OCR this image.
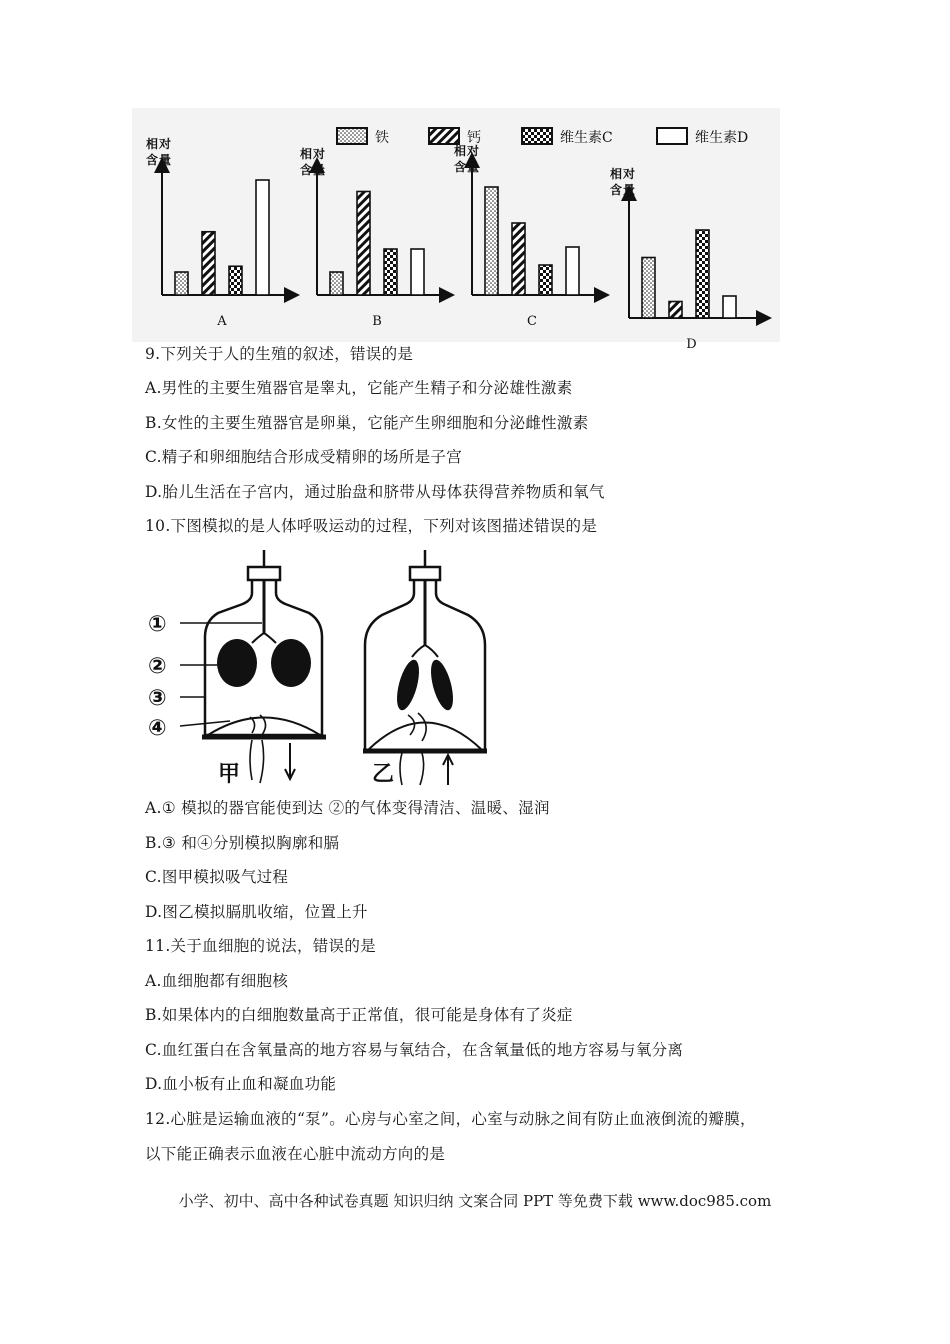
铁	钙	维生素C	维生素D
相对含量
A
相对含量
B
相对含量
C
相对含量
D
9.下列关于人的生殖的叙述，错误的是
A.男性的主要生殖器官是睾丸，它能产生精子和分泌雄性激素
B.女性的主要生殖器官是卵巢，它能产生卵细胞和分泌雌性激素
C.精子和卵细胞结合形成受精卵的场所是子宫
D.胎儿生活在子宫内，通过胎盘和脐带从母体获得营养物质和氧气
10.下图模拟的是人体呼吸运动的过程，下列对该图描述错误的是
①
②
③
④
甲	乙
A.① 模拟的器官能使到达 ②的气体变得清洁、温暖、湿润
B.③ 和④分别模拟胸廓和膈
C.图甲模拟吸气过程
D.图乙模拟膈肌收缩，位置上升
11.关于血细胞的说法，错误的是
A.血细胞都有细胞核
B.如果体内的白细胞数量高于正常值，很可能是身体有了炎症
C.血红蛋白在含氧量高的地方容易与氧结合，在含氧量低的地方容易与氧分离
D.血小板有止血和凝血功能
12.心脏是运输血液的“泵”。心房与心室之间，心室与动脉之间有防止血液倒流的瓣膜，
以下能正确表示血液在心脏中流动方向的是
小学、初中、高中各种试卷真题 知识归纳 文案合同 PPT 等免费下载 www.doc985.com
